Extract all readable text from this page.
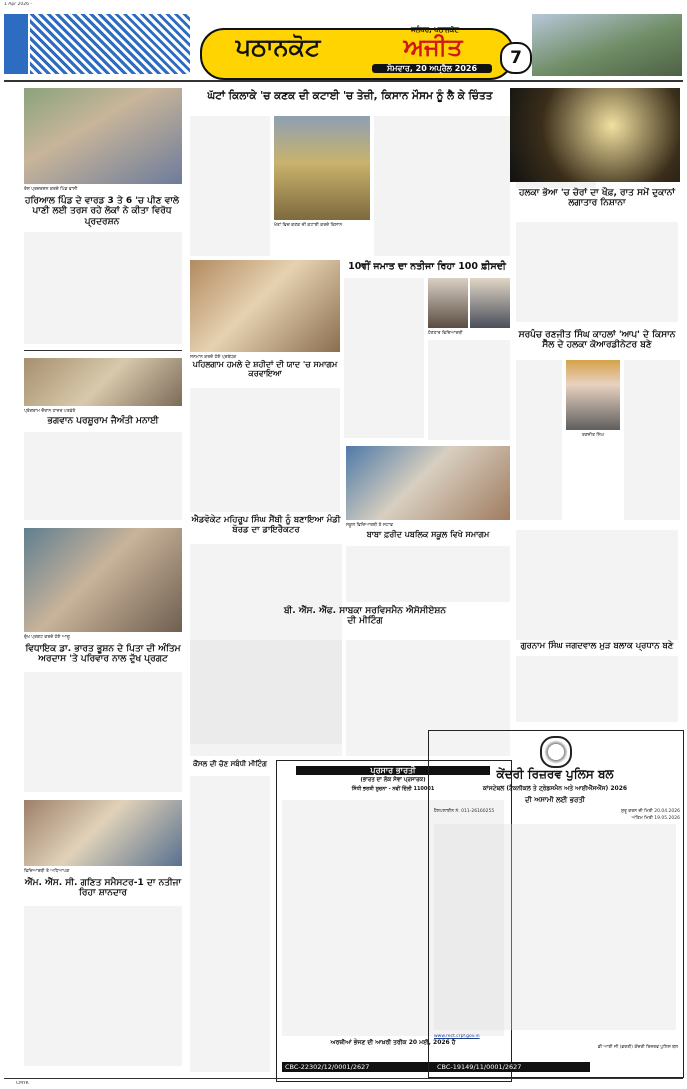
1 Apr 2026 -
ਪਠਾਨਕੋਟ
ਜਲੰਧਰ, ਪਠਾਨਕੋਟ
ਅਜੀਤ
ਸੋਮਵਾਰ, 20 ਅਪ੍ਰੈਲ 2026
7
ਰੋਸ ਪ੍ਰਦਰਸ਼ਨ ਕਰਦੇ ਪਿੰਡ ਵਾਸੀ
ਹਰਿਆਲ ਪਿੰਡ ਦੇ ਵਾਰਡ 3 ਤੇ 6 'ਚ ਪੀਣ ਵਾਲੇ ਪਾਣੀ ਲਈ ਤਰਸ ਰਹੇ ਲੋਕਾਂ ਨੇ ਕੀਤਾ ਵਿਰੋਧ ਪ੍ਰਦਰਸ਼ਨ
ਪ੍ਰੋਗਰਾਮ ਦੌਰਾਨ ਹਾਜ਼ਰ ਪਤਵੰਤੇ
ਭਗਵਾਨ ਪਰਸ਼ੂਰਾਮ ਜੈਅੰਤੀ ਮਨਾਈ
ਦੁੱਖ ਪ੍ਰਗਟ ਕਰਦੇ ਹੋਏ ਆਗੂ
ਵਿਧਾਇਕ ਡਾ. ਭਾਰਤ ਭੂਸ਼ਨ ਦੇ ਪਿਤਾ ਦੀ ਅੰਤਿਮ ਅਰਦਾਸ 'ਤੇ ਪਰਿਵਾਰ ਨਾਲ ਦੁੱਖ ਪ੍ਰਗਟ
ਵਿਦਿਆਰਥੀ ਤੇ ਅਧਿਆਪਕ
ਐੱਮ. ਐੱਸ. ਸੀ. ਗਣਿਤ ਸਮੈਸਟਰ-1 ਦਾ ਨਤੀਜਾ ਰਿਹਾ ਸ਼ਾਨਦਾਰ
ਘੱਟਾਂ ਕਿਲਾਕੇ 'ਚ ਕਣਕ ਦੀ ਕਟਾਈ 'ਚ ਤੇਜ਼ੀ, ਕਿਸਾਨ ਮੌਸਮ ਨੂੰ ਲੈ ਕੇ ਚਿੰਤਤ
ਖੇਤਾਂ ਵਿਚ ਕਣਕ ਦੀ ਕਟਾਈ ਕਰਦੇ ਕਿਸਾਨ
ਸਨਮਾਨ ਕਰਦੇ ਹੋਏ ਪ੍ਰਬੰਧਕ
ਪਹਿਲਗਾਮ ਹਮਲੇ ਦੇ ਸ਼ਹੀਦਾਂ ਦੀ ਯਾਦ 'ਚ ਸਮਾਗਮ ਕਰਵਾਇਆ
10ਵੀਂ ਜਮਾਤ ਦਾ ਨਤੀਜਾ ਰਿਹਾ 100 ਫ਼ੀਸਦੀ
ਹੋਣਹਾਰ ਵਿਦਿਆਰਥੀ
ਐਡਵੋਕੇਟ ਮਹਿਰੂਪ ਸਿੰਘ ਸੈਂਬੀ ਨੂੰ ਬਣਾਇਆ ਮੰਡੀ ਬੋਰਡ ਦਾ ਡਾਇਰੈਕਟਰ	ਸਕੂਲ ਵਿਦਿਆਰਥੀ ਤੇ ਸਟਾਫ਼
ਬਾਬਾ ਫ਼ਰੀਦ ਪਬਲਿਕ ਸਕੂਲ ਵਿਖੇ ਸਮਾਗਮ
ਬੀ. ਐੱਸ. ਐੱਫ. ਸਾਬਕਾ ਸਰਵਿਸਮੈਨ ਐਸੋਸੀਏਸ਼ਨ ਦੀ ਮੀਟਿੰਗ
ਕੌਂਸਲ ਦੀ ਚੋਣ ਸਬੰਧੀ ਮੀਟਿੰਗ
ਪ੍ਰਸਾਰ ਭਾਰਤੀ
(ਭਾਰਤ ਦਾ ਲੋਕ ਸੇਵਾ ਪ੍ਰਸਾਰਕ)
ਸਿੱਧੀ ਭਰਤੀ ਸੂਚਨਾ - ਨਵੀਂ ਦਿੱਲੀ 110001
ਅਰਜ਼ੀਆਂ ਭੇਜਣ ਦੀ ਆਖ਼ਰੀ ਤਰੀਕ 20 ਮਈ, 2026 ਹੈ
CBC-22302/12/0001/2627
ਹਲਕਾ ਭੋਆ 'ਚ ਚੋਰਾਂ ਦਾ ਖੌਫ਼, ਰਾਤ ਸਮੇਂ ਦੁਕਾਨਾਂ ਲਗਾਤਾਰ ਨਿਸ਼ਾਨਾ
ਸਰਪੰਚ ਰਣਜੀਤ ਸਿੰਘ ਕਾਹਲਾਂ 'ਆਪ' ਦੇ ਕਿਸਾਨ ਸੈੱਲ ਦੇ ਹਲਕਾ ਕੋਆਰਡੀਨੇਟਰ ਬਣੇ
ਰਣਜੀਤ ਸਿੰਘ
ਗੁਰਨਾਮ ਸਿੰਘ ਜਗਦਵਾਲ ਮੁੜ ਬਲਾਕ ਪ੍ਰਧਾਨ ਬਣੇ
ਕੇਂਦਰੀ ਰਿਜ਼ਰਵ ਪੁਲਿਸ ਬਲ
ਕਾਂਸਟੇਬਲ (ਟੈਕਨੀਕਲ ਤੇ ਟ੍ਰੇਡਸਮੈਨ ਅਤੇ ਆਈਐੱਸਐੱਸ) 2026
ਦੀ ਅਸਾਮੀ ਲਈ ਭਰਤੀ
ਹੈਲਪਲਾਈਨ ਨੰ. 011-26160255	ਸ਼ੁਰੂ ਕਰਨ ਦੀ ਮਿਤੀ 20.04.2026
ਅੰਤਿਮ ਮਿਤੀ 19.05.2026
www.rect.crpf.gov.in
ਡੀ ਆਈ ਜੀ (ਭਰਤੀ) ਕੇਂਦਰੀ ਰਿਜ਼ਰਵ ਪੁਲਿਸ ਬਲ
CBC-19149/11/0001/2627
CMYK
